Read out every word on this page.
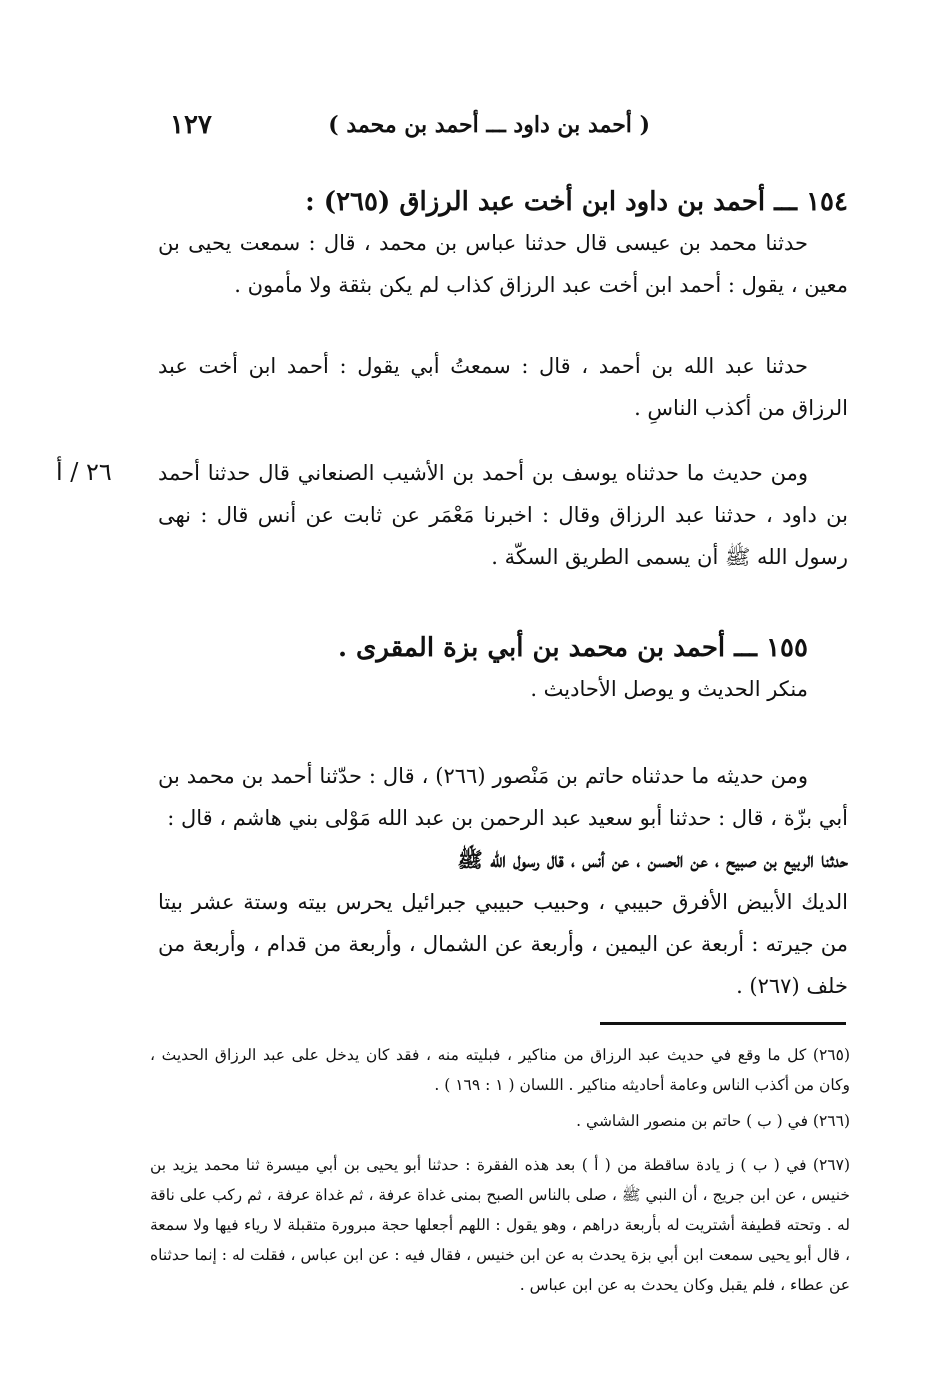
١٢٧	( أحمد بن داود ـــ أحمد بن محمد )
٢٦ / أ

١٥٤ ـــ أحمد بن داود ابن أخت عبد الرزاق (٢٦٥) :

حدثنا محمد بن عيسى قال حدثنا عباس بن محمد ، قال : سمعت يحيى بن معين ، يقول : أحمد ابن أخت عبد الرزاق كذاب لم يكن بثقة ولا مأمون .

حدثنا عبد الله بن أحمد ، قال : سمعتُ أبي يقول : أحمد ابن أخت عبد الرزاق من أكذب الناسِ .

ومن حديث ما حدثناه يوسف بن أحمد بن الأشيب الصنعاني قال حدثنا أحمد بن داود ، حدثنا عبد الرزاق وقال : اخبرنا مَعْمَر عن ثابت عن أنس قال : نهى رسول الله ﷺ أن يسمى الطريق السكّة .

١٥٥ ـــ أحمد بن محمد بن أبي بزة المقرى .

منكر الحديث و يوصل الأحاديث .

ومن حديثه ما حدثناه حاتم بن مَنْصور (٢٦٦) ، قال : حدّثنا أحمد بن محمد بن أبي بزّة ، قال : حدثنا أبو سعيد عبد الرحمن بن عبد الله مَوْلى بني هاشم ، قال :

حدثنا الربيع بن صبيح ، عن الحسن ، عن أنس ، قال رسول الله ﷺ

الديك الأبيض الأفرق حبيبي ، وحبيب حبيبي جبرائيل يحرس بيته وستة عشر بيتا من جيرته : أربعة عن اليمين ، وأربعة عن الشمال ، وأربعة من قدام ، وأربعة من خلف (٢٦٧) .

(٢٦٥) كل ما وقع في حديث عبد الرزاق من مناكير ، فبليته منه ، فقد كان يدخل على عبد الرزاق الحديث ، وكان من أكذب الناس وعامة أحاديثه مناكير . اللسان ( ١ : ١٦٩ ) .

(٢٦٦) في ( ب ) حاتم بن منصور الشاشي .

(٢٦٧) في ( ب ) ز يادة ساقطة من ( أ ) بعد هذه الفقرة : حدثنا أبو يحيى بن أبي ميسرة ثنا محمد يزيد بن خنيس ، عن ابن جريج ، أن النبي ﷺ ، صلى بالناس الصبح بمنى غداة عرفة ، ثم غداة عرفة ، ثم ركب على ناقة له . وتحته قطيفة أشتريت له بأربعة دراهم ، وهو يقول : اللهم أجعلها حجة مبرورة متقبلة لا رياء فيها ولا سمعة ، قال أبو يحيى سمعت ابن أبي بزة يحدث به عن ابن خنيس ، فقال فيه : عن ابن عباس ، فقلت له : إنما حدثناه عن عطاء ، فلم يقبل وكان يحدث به عن ابن عباس .
